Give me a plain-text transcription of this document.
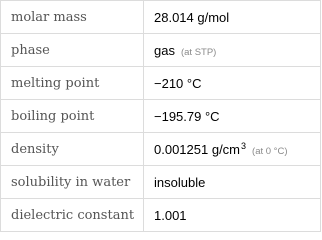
molar mass	28.014 g/mol
phase	gas (at STP)
melting point	−210 °C
boiling point	−195.79 °C
density	0.001251 $g/cm^3$ (at 0 °C)
solubility in water	insoluble
dielectric constant	1.001
